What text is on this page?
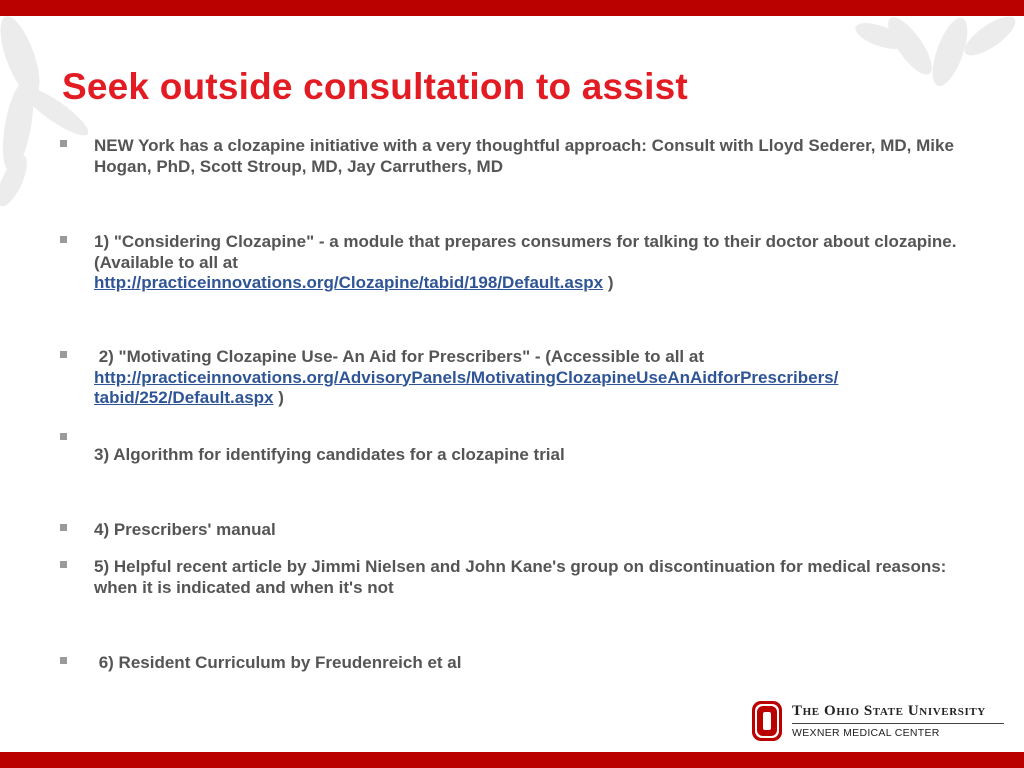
Seek outside consultation to assist
NEW York has a clozapine initiative with a very thoughtful approach: Consult with Lloyd Sederer, MD, Mike Hogan, PhD, Scott Stroup, MD, Jay Carruthers, MD
1) "Considering Clozapine" - a module that prepares consumers for talking to their doctor about clozapine. (Available to all at
http://practiceinnovations.org/Clozapine/tabid/198/Default.aspx )
2) "Motivating Clozapine Use- An Aid for Prescribers" - (Accessible to all at
http://practiceinnovations.org/AdvisoryPanels/MotivatingClozapineUseAnAidforPrescribers/
tabid/252/Default.aspx )
3) Algorithm for identifying candidates for a clozapine trial
4) Prescribers' manual
5) Helpful recent article by Jimmi Nielsen and John Kane's group on discontinuation for medical reasons: when it is indicated and when it's not
6) Resident Curriculum by Freudenreich et al
The Ohio State University
WEXNER MEDICAL CENTER
